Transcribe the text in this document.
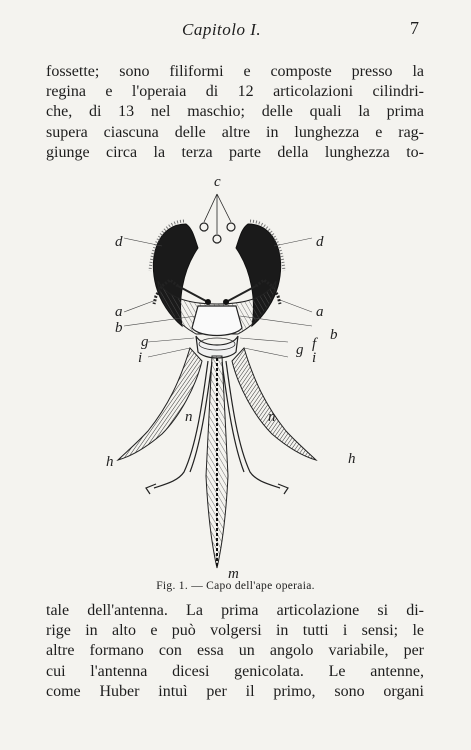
Capitolo I.	7
fossette; sono filiformi e composte presso la
regina e l'operaia di 12 articolazioni cilindri-
che, di 13 nel maschio; delle quali la prima
supera ciascuna delle altre in lunghezza e rag-
giunge circa la terza parte della lunghezza to-
c
d	d
a	a
b	b
g	g f
i	i
n	n
h	h
m
Fig. 1. — Capo dell'ape operaia.
tale dell'antenna. La prima articolazione si di-
rige in alto e può volgersi in tutti i sensi; le
altre formano con essa un angolo variabile, per
cui l'antenna dicesi genicolata. Le antenne,
come Huber intuì per il primo, sono organi
